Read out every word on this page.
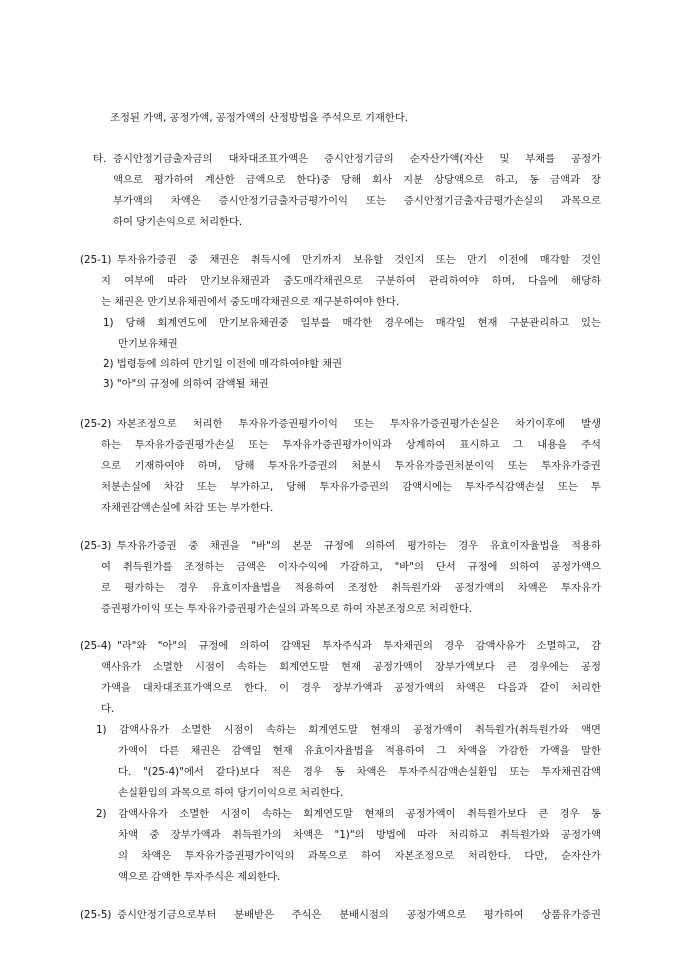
조정된 가액, 공정가액, 공정가액의 산정방법을 주석으로 기재한다.
타. 증시안정기금출자금의 대차대조표가액은 증시안정기금의 순자산가액(자산 및 부채를 공정가
액으로 평가하여 계산한 금액으로 한다)중 당해 회사 지분 상당액으로 하고, 동 금액과 장
부가액의 차액은 증시안정기금출자금평가이익 또는 증시안정기금출자금평가손실의 과목으로
하여 당기손익으로 처리한다.
(25-1) 투자유가증권 중 채권은 취득시에 만기까지 보유할 것인지 또는 만기 이전에 매각할 것인
지 여부에 따라 만기보유채권과 중도매각채권으로 구분하여 관리하여야 하며, 다음에 해당하
는 채권은 만기보유채권에서 중도매각채권으로 재구분하여야 한다.
1) 당해 회계연도에 만기보유채권중 일부를 매각한 경우에는 매각일 현재 구분관리하고 있는
만기보유채권
2) 법령등에 의하여 만기일 이전에 매각하여야할 채권
3) "아"의 규정에 의하여 감액될 채권
(25-2) 자본조정으로 처리한 투자유가증권평가이익 또는 투자유가증권평가손실은 차기이후에 발생
하는 투자유가증권평가손실 또는 투자유가증권평가이익과 상계하여 표시하고 그 내용을 주석
으로 기재하여야 하며, 당해 투자유가증권의 처분시 투자유가증권처분이익 또는 투자유가증권
처분손실에 차감 또는 부가하고, 당해 투자유가증권의 감액시에는 투자주식감액손실 또는 투
자채권감액손실에 차감 또는 부가한다.
(25-3) 투자유가증권 중 채권을 "바"의 본문 규정에 의하여 평가하는 경우 유효이자율법을 적용하
여 취득원가를 조정하는 금액은 이자수익에 가감하고, "바"의 단서 규정에 의하여 공정가액으
로 평가하는 경우 유효이자율법을 적용하여 조정한 취득원가와 공정가액의 차액은 투자유가
증권평가이익 또는 투자유가증권평가손실의 과목으로 하여 자본조정으로 처리한다.
(25-4) "라"와 "아"의 규정에 의하여 감액된 투자주식과 투자채권의 경우 감액사유가 소멸하고, 감
액사유가 소멸한 시점이 속하는 회계연도말 현재 공정가액이 장부가액보다 큰 경우에는 공정
가액을 대차대조표가액으로 한다. 이 경우 장부가액과 공정가액의 차액은 다음과 같이 처리한
다.
1) 감액사유가 소멸한 시점이 속하는 회계연도말 현재의 공정가액이 취득원가(취득원가와 액면
가액이 다른 채권은 감액일 현재 유효이자율법을 적용하여 그 차액을 가감한 가액을 말한
다. "(25-4)"에서 같다)보다 적은 경우 동 차액은 투자주식감액손실환입 또는 투자채권감액
손실환입의 과목으로 하여 당기이익으로 처리한다.
2) 감액사유가 소멸한 시점이 속하는 회계연도말 현재의 공정가액이 취득원가보다 큰 경우 동
차액 중 장부가액과 취득원가의 차액은 "1)"의 방법에 따라 처리하고 취득원가와 공정가액
의 차액은 투자유가증권평가이익의 과목으로 하여 자본조정으로 처리한다. 다만, 순자산가
액으로 감액한 투자주식은 제외한다.
(25-5) 증시안정기금으로부터 분배받은 주식은 분배시점의 공정가액으로 평가하여 상품유가증권
